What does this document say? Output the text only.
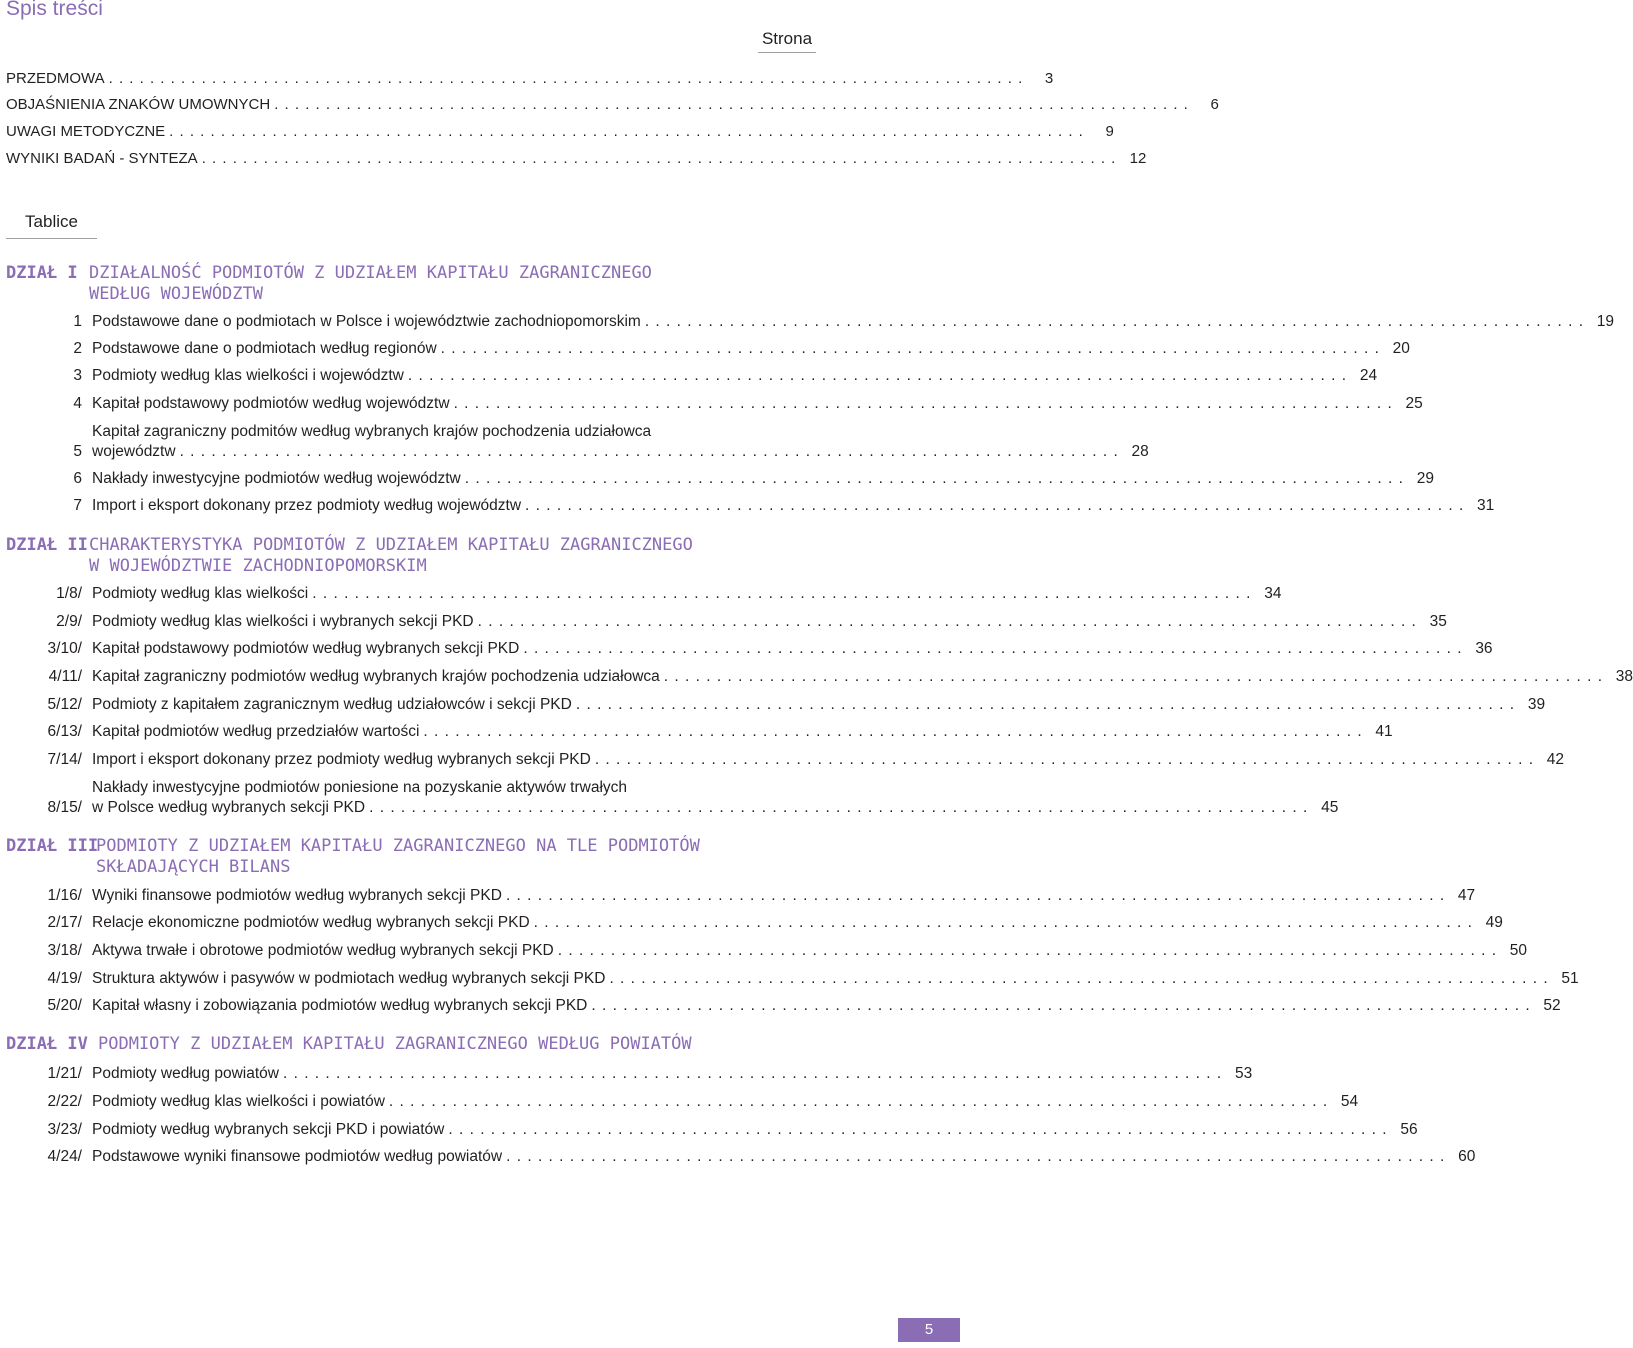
Spis treści
Strona
PRZEDMOWA . . . . . . . . . . . . . . . . . . . . . . . . . . . . . . . . . . . . . . . . . . . . . . . . . . . . . . . . . . . . . . . . . . . . . . . . . . . . . . . . . . . . . . . . .	3
OBJAŚNIENIA ZNAKÓW UMOWNYCH . . . . . . . . . . . . . . . . . . . . . . . . . . . . . . . . . . . . . . . . . . . . . . . . . . . . . . . . . . . . . . . . . . . . . . . . . . . . . . . . . . . . . . . . .	6
UWAGI METODYCZNE . . . . . . . . . . . . . . . . . . . . . . . . . . . . . . . . . . . . . . . . . . . . . . . . . . . . . . . . . . . . . . . . . . . . . . . . . . . . . . . . . . . . . . . . .	9
WYNIKI BADAŃ - SYNTEZA . . . . . . . . . . . . . . . . . . . . . . . . . . . . . . . . . . . . . . . . . . . . . . . . . . . . . . . . . . . . . . . . . . . . . . . . . . . . . . . . . . . . . . . . . 12
Tablice
DZIAŁ I DZIAŁALNOŚĆ PODMIOTÓW Z UDZIAŁEM KAPITAŁU ZAGRANICZNEGO
WEDŁUG WOJEWÓDZTW
1 Podstawowe dane o podmiotach w Polsce i województwie zachodniopomorskim . . . . . . . . . . . . . . . . . . . . . . . . . . . . . . . . . . . . . . . . . . . . . . . . . . . . . . . . . . . . . . . . . . . . . . . . . . . . . . . . . . . . . . . . . 19
2 Podstawowe dane o podmiotach według regionów . . . . . . . . . . . . . . . . . . . . . . . . . . . . . . . . . . . . . . . . . . . . . . . . . . . . . . . . . . . . . . . . . . . . . . . . . . . . . . . . . . . . . . . . . 20
3 Podmioty według klas wielkości i województw . . . . . . . . . . . . . . . . . . . . . . . . . . . . . . . . . . . . . . . . . . . . . . . . . . . . . . . . . . . . . . . . . . . . . . . . . . . . . . . . . . . . . . . . . 24
4 Kapitał podstawowy podmiotów według województw . . . . . . . . . . . . . . . . . . . . . . . . . . . . . . . . . . . . . . . . . . . . . . . . . . . . . . . . . . . . . . . . . . . . . . . . . . . . . . . . . . . . . . . . . 25
5
Kapitał zagraniczny podmitów według wybranych krajów pochodzenia udziałowca
województw . . . . . . . . . . . . . . . . . . . . . . . . . . . . . . . . . . . . . . . . . . . . . . . . . . . . . . . . . . . . . . . . . . . . . . . . . . . . . . . . . . . . . . . . . 28
6 Nakłady inwestycyjne podmiotów według województw . . . . . . . . . . . . . . . . . . . . . . . . . . . . . . . . . . . . . . . . . . . . . . . . . . . . . . . . . . . . . . . . . . . . . . . . . . . . . . . . . . . . . . . . . 29
7 Import i eksport dokonany przez podmioty według województw . . . . . . . . . . . . . . . . . . . . . . . . . . . . . . . . . . . . . . . . . . . . . . . . . . . . . . . . . . . . . . . . . . . . . . . . . . . . . . . . . . . . . . . . . 31
DZIAŁ II CHARAKTERYSTYKA PODMIOTÓW Z UDZIAŁEM KAPITAŁU ZAGRANICZNEGO
W WOJEWÓDZTWIE ZACHODNIOPOMORSKIM
1/8/ Podmioty według klas wielkości . . . . . . . . . . . . . . . . . . . . . . . . . . . . . . . . . . . . . . . . . . . . . . . . . . . . . . . . . . . . . . . . . . . . . . . . . . . . . . . . . . . . . . . . . 34
2/9/ Podmioty według klas wielkości i wybranych sekcji PKD . . . . . . . . . . . . . . . . . . . . . . . . . . . . . . . . . . . . . . . . . . . . . . . . . . . . . . . . . . . . . . . . . . . . . . . . . . . . . . . . . . . . . . . . . 35
3/10/ Kapitał podstawowy podmiotów według wybranych sekcji PKD . . . . . . . . . . . . . . . . . . . . . . . . . . . . . . . . . . . . . . . . . . . . . . . . . . . . . . . . . . . . . . . . . . . . . . . . . . . . . . . . . . . . . . . . . 36
4/11/ Kapitał zagraniczny podmiotów według wybranych krajów pochodzenia udziałowca . . . . . . . . . . . . . . . . . . . . . . . . . . . . . . . . . . . . . . . . . . . . . . . . . . . . . . . . . . . . . . . . . . . . . . . . . . . . . . . . . . . . . . . . . 38
5/12/ Podmioty z kapitałem zagranicznym według udziałowców i sekcji PKD . . . . . . . . . . . . . . . . . . . . . . . . . . . . . . . . . . . . . . . . . . . . . . . . . . . . . . . . . . . . . . . . . . . . . . . . . . . . . . . . . . . . . . . . . 39
6/13/ Kapitał podmiotów według przedziałów wartości . . . . . . . . . . . . . . . . . . . . . . . . . . . . . . . . . . . . . . . . . . . . . . . . . . . . . . . . . . . . . . . . . . . . . . . . . . . . . . . . . . . . . . . . . 41
7/14/ Import i eksport dokonany przez podmioty według wybranych sekcji PKD . . . . . . . . . . . . . . . . . . . . . . . . . . . . . . . . . . . . . . . . . . . . . . . . . . . . . . . . . . . . . . . . . . . . . . . . . . . . . . . . . . . . . . . . . 42
8/15/
Nakłady inwestycyjne podmiotów poniesione na pozyskanie aktywów trwałych
w Polsce według wybranych sekcji PKD . . . . . . . . . . . . . . . . . . . . . . . . . . . . . . . . . . . . . . . . . . . . . . . . . . . . . . . . . . . . . . . . . . . . . . . . . . . . . . . . . . . . . . . . . 45
DZIAŁ III
PODMIOTY Z UDZIAŁEM KAPITAŁU ZAGRANICZNEGO NA TLE PODMIOTÓW
SKŁADAJĄCYCH BILANS
1/16/ Wyniki finansowe podmiotów według wybranych sekcji PKD . . . . . . . . . . . . . . . . . . . . . . . . . . . . . . . . . . . . . . . . . . . . . . . . . . . . . . . . . . . . . . . . . . . . . . . . . . . . . . . . . . . . . . . . . 47
2/17/ Relacje ekonomiczne podmiotów według wybranych sekcji PKD . . . . . . . . . . . . . . . . . . . . . . . . . . . . . . . . . . . . . . . . . . . . . . . . . . . . . . . . . . . . . . . . . . . . . . . . . . . . . . . . . . . . . . . . . 49
3/18/ Aktywa trwałe i obrotowe podmiotów według wybranych sekcji PKD . . . . . . . . . . . . . . . . . . . . . . . . . . . . . . . . . . . . . . . . . . . . . . . . . . . . . . . . . . . . . . . . . . . . . . . . . . . . . . . . . . . . . . . . . 50
4/19/ Struktura aktywów i pasywów w podmiotach według wybranych sekcji PKD . . . . . . . . . . . . . . . . . . . . . . . . . . . . . . . . . . . . . . . . . . . . . . . . . . . . . . . . . . . . . . . . . . . . . . . . . . . . . . . . . . . . . . . . . 51
5/20/ Kapitał własny i zobowiązania podmiotów według wybranych sekcji PKD . . . . . . . . . . . . . . . . . . . . . . . . . . . . . . . . . . . . . . . . . . . . . . . . . . . . . . . . . . . . . . . . . . . . . . . . . . . . . . . . . . . . . . . . . 52
DZIAŁ IV PODMIOTY Z UDZIAŁEM KAPITAŁU ZAGRANICZNEGO WEDŁUG POWIATÓW
1/21/ Podmioty według powiatów . . . . . . . . . . . . . . . . . . . . . . . . . . . . . . . . . . . . . . . . . . . . . . . . . . . . . . . . . . . . . . . . . . . . . . . . . . . . . . . . . . . . . . . . . 53
2/22/ Podmioty według klas wielkości i powiatów . . . . . . . . . . . . . . . . . . . . . . . . . . . . . . . . . . . . . . . . . . . . . . . . . . . . . . . . . . . . . . . . . . . . . . . . . . . . . . . . . . . . . . . . . 54
3/23/ Podmioty według wybranych sekcji PKD i powiatów . . . . . . . . . . . . . . . . . . . . . . . . . . . . . . . . . . . . . . . . . . . . . . . . . . . . . . . . . . . . . . . . . . . . . . . . . . . . . . . . . . . . . . . . . 56
4/24/ Podstawowe wyniki finansowe podmiotów według powiatów . . . . . . . . . . . . . . . . . . . . . . . . . . . . . . . . . . . . . . . . . . . . . . . . . . . . . . . . . . . . . . . . . . . . . . . . . . . . . . . . . . . . . . . . . 60
5
